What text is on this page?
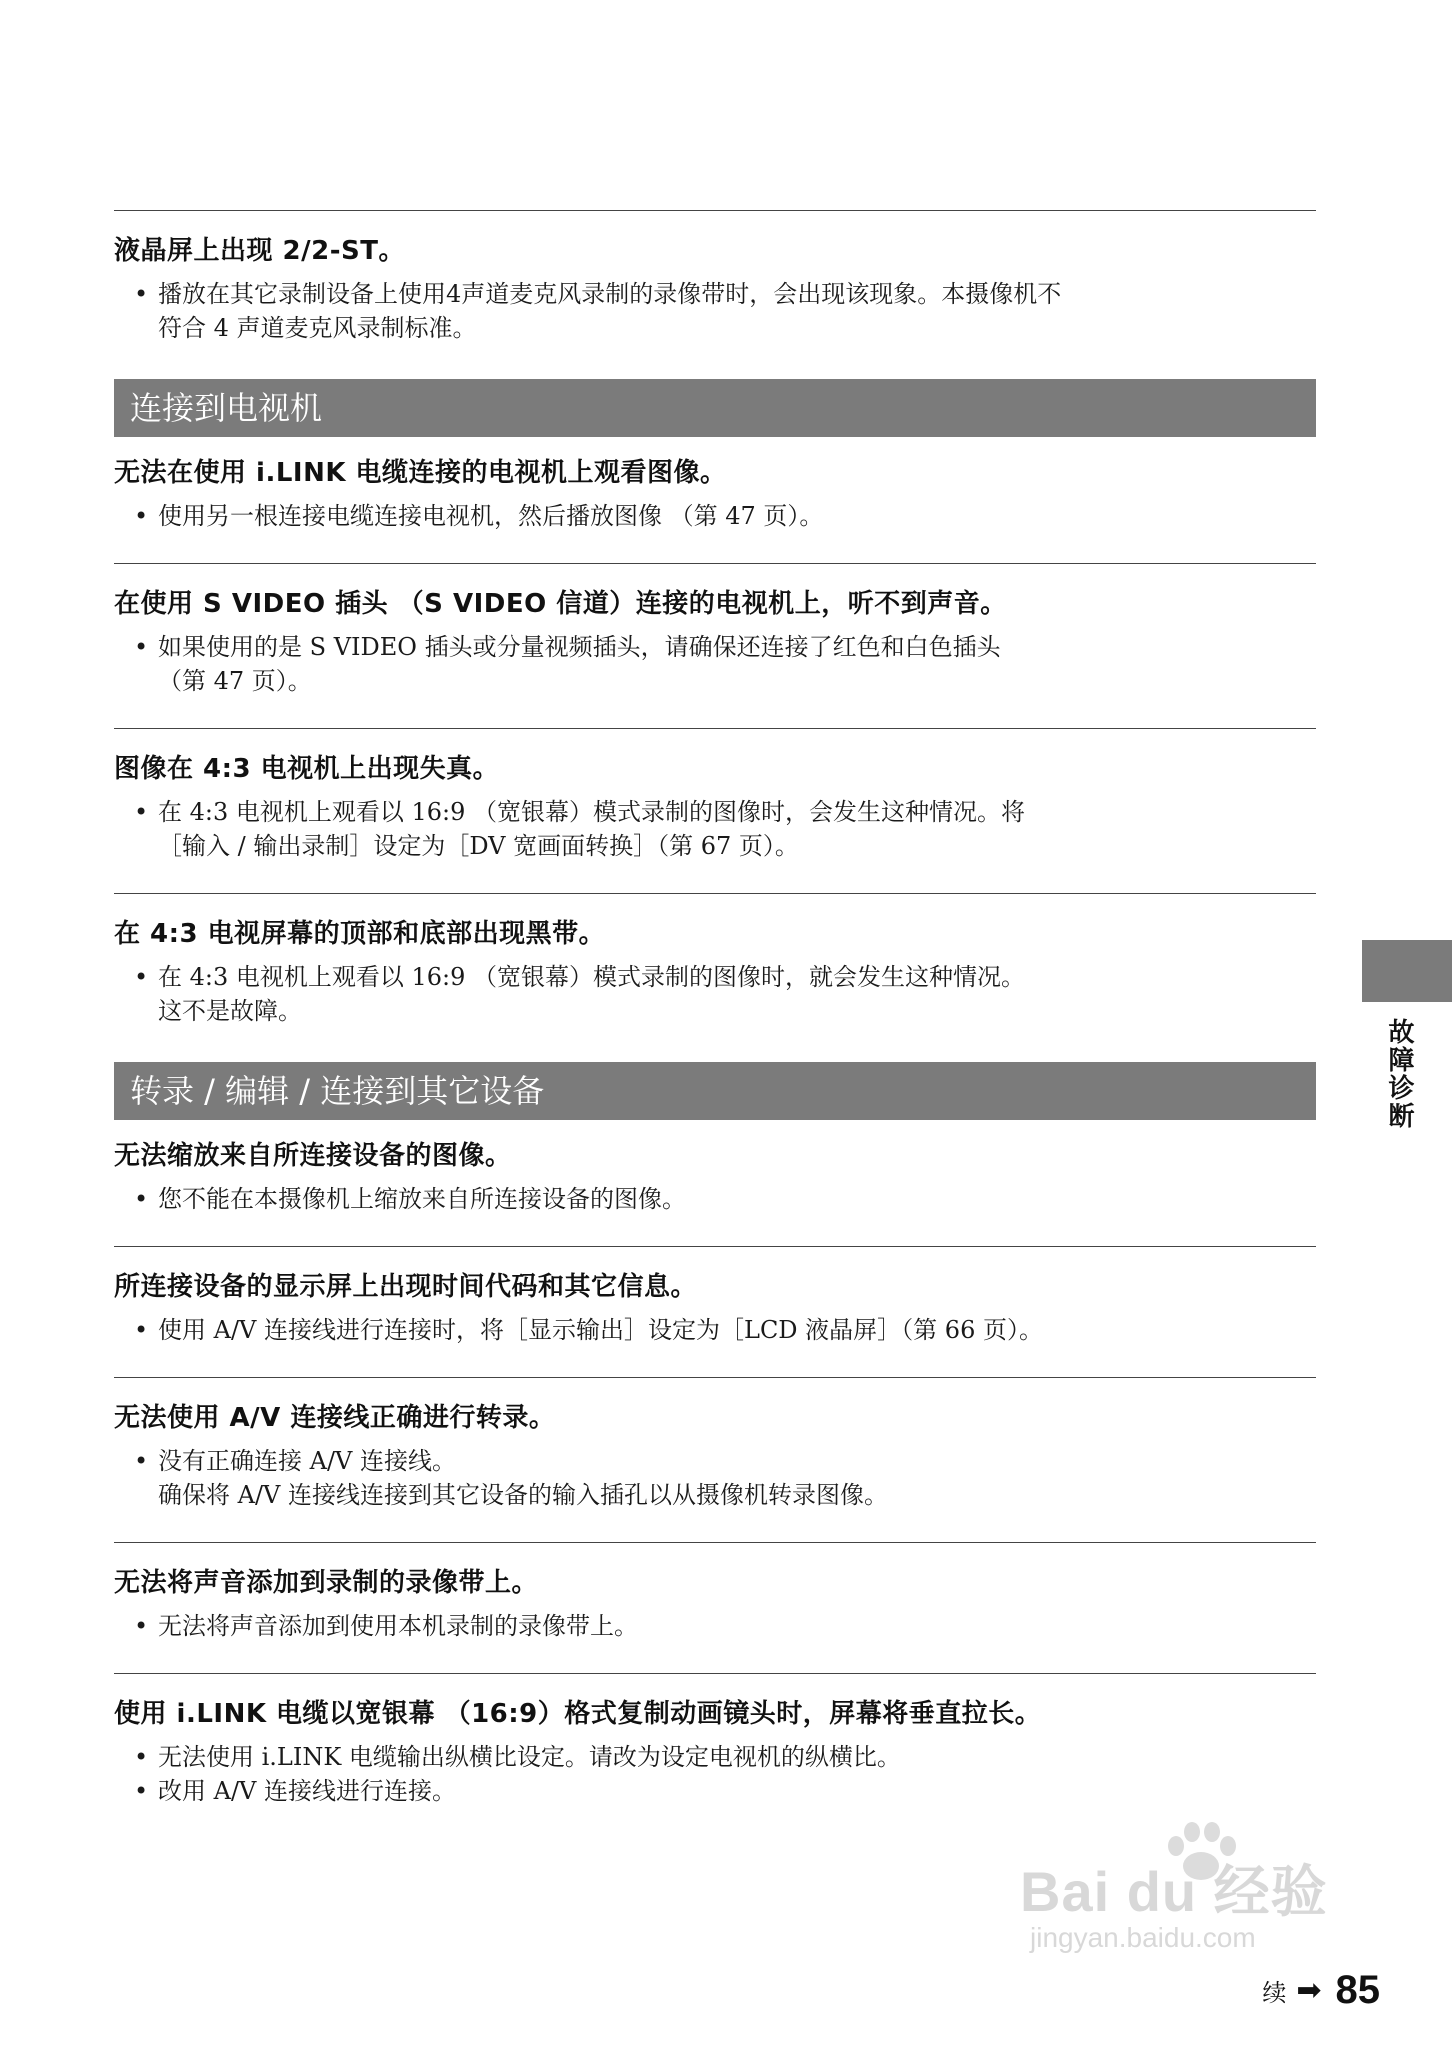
液晶屏上出现 2/2-ST。

• 播放在其它录制设备上使用4声道麦克风录制的录像带时，会出现该现象。本摄像机不
符合 4 声道麦克风录制标准。
连接到电视机

无法在使用 i.LINK 电缆连接的电视机上观看图像。

• 使用另一根连接电缆连接电视机，然后播放图像 （第 47 页）。

在使用 S VIDEO 插头 （S VIDEO 信道）连接的电视机上，听不到声音。

• 如果使用的是 S VIDEO 插头或分量视频插头，请确保还连接了红色和白色插头
（第 47 页）。

图像在 4:3 电视机上出现失真。

• 在 4:3 电视机上观看以 16:9 （宽银幕）模式录制的图像时，会发生这种情况。将
［输入 / 输出录制］设定为［DV 宽画面转换］（第 67 页）。

在 4:3 电视屏幕的顶部和底部出现黑带。

• 在 4:3 电视机上观看以 16:9 （宽银幕）模式录制的图像时，就会发生这种情况。
这不是故障。
转录 / 编辑 / 连接到其它设备

无法缩放来自所连接设备的图像。

• 您不能在本摄像机上缩放来自所连接设备的图像。

所连接设备的显示屏上出现时间代码和其它信息。

• 使用 A/V 连接线进行连接时，将［显示输出］设定为［LCD 液晶屏］（第 66 页）。

无法使用 A/V 连接线正确进行转录。

• 没有正确连接 A/V 连接线。
确保将 A/V 连接线连接到其它设备的输入插孔以从摄像机转录图像。

无法将声音添加到录制的录像带上。

• 无法将声音添加到使用本机录制的录像带上。

使用 i.LINK 电缆以宽银幕 （16:9）格式复制动画镜头时，屏幕将垂直拉长。

• 无法使用 i.LINK 电缆输出纵横比设定。请改为设定电视机的纵横比。
• 改用 A/V 连接线进行连接。
故障诊断
Bai du 经验
jingyan.baidu.com
续 ➡ 85
